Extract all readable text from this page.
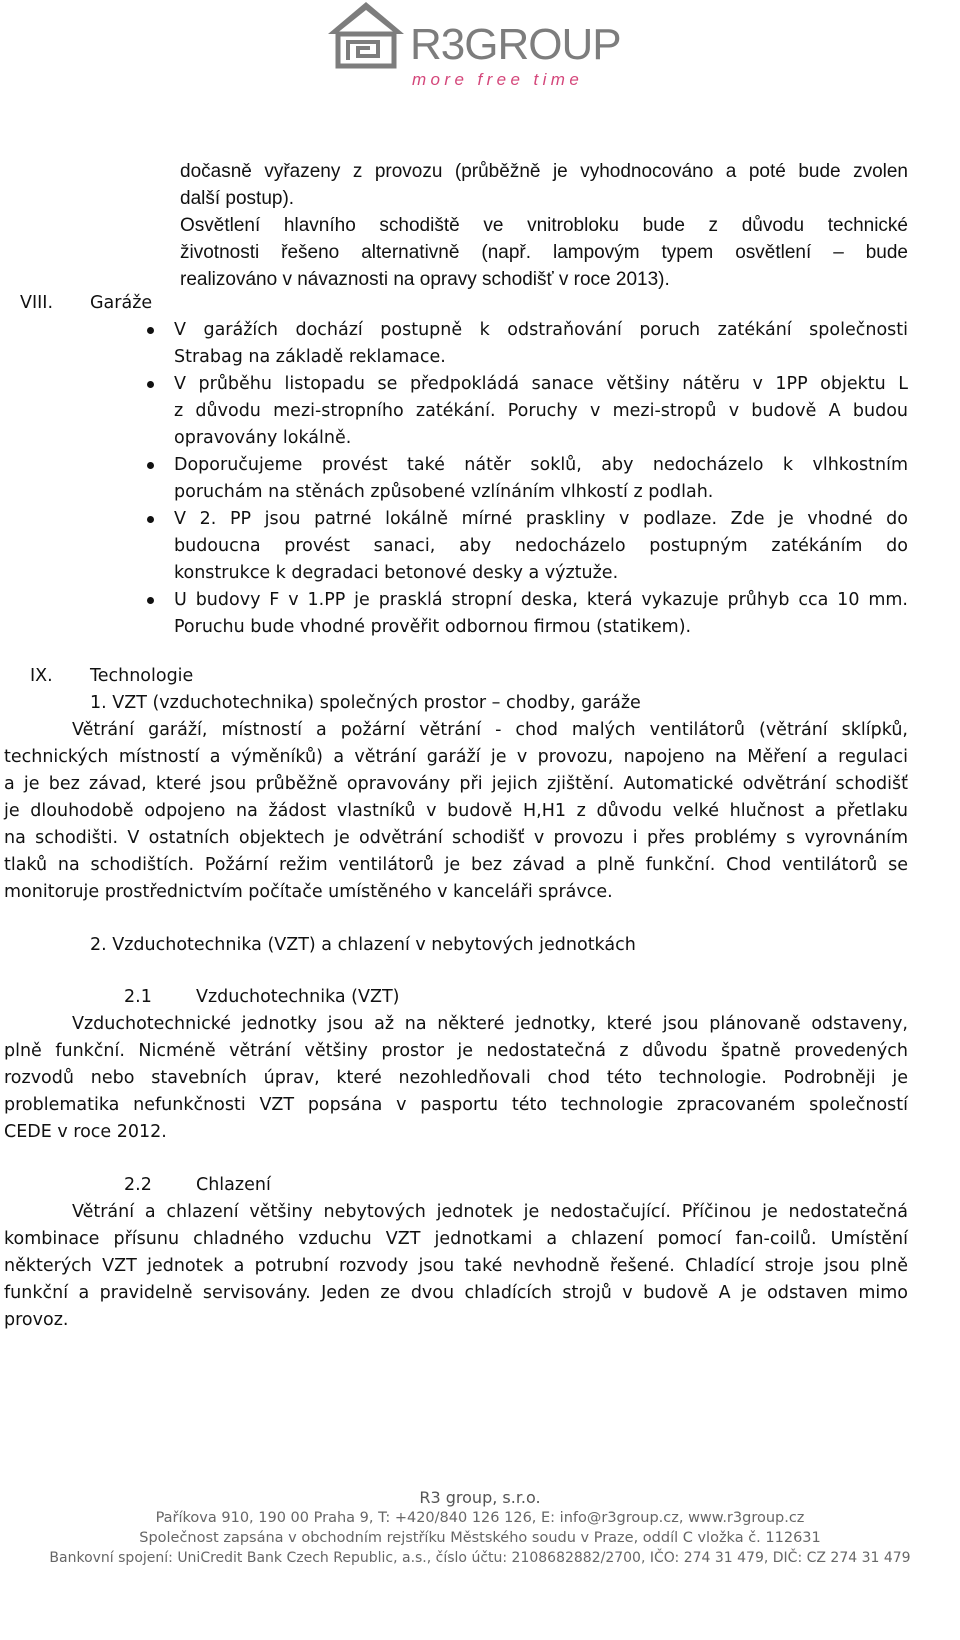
R3GROUP
more free time
dočasně vyřazeny z provozu (průběžně je vyhodnocováno a poté bude zvolen
další postup).
Osvětlení hlavního schodiště ve vnitrobloku bude z důvodu technické
životnosti řešeno alternativně (např. lampovým typem osvětlení – bude
realizováno v návaznosti na opravy schodišť v roce 2013).
VIII. Garáže
V garážích dochází postupně k odstraňování poruch zatékání společnosti
Strabag na základě reklamace.
V průběhu listopadu se předpokládá sanace většiny nátěru v 1PP objektu L
z důvodu mezi-stropního zatékání. Poruchy v mezi-stropů v budově A budou
opravovány lokálně.
Doporučujeme provést také nátěr soklů, aby nedocházelo k vlhkostním
poruchám na stěnách způsobené vzlínáním vlhkostí z podlah.
V 2. PP jsou patrné lokálně mírné praskliny v podlaze. Zde je vhodné do
budoucna provést sanaci, aby nedocházelo postupným zatékáním do
konstrukce k degradaci betonové desky a výztuže.
U budovy F v 1.PP je prasklá stropní deska, která vykazuje průhyb cca 10 mm.
Poruchu bude vhodné prověřit odbornou firmou (statikem).
IX. Technologie
1. VZT (vzduchotechnika) společných prostor – chodby, garáže
Větrání garáží, místností a požární větrání - chod malých ventilátorů (větrání sklípků,
technických místností a výměníků) a větrání garáží je v provozu, napojeno na Měření a regulaci
a je bez závad, které jsou průběžně opravovány při jejich zjištění. Automatické odvětrání schodišť
je dlouhodobě odpojeno na žádost vlastníků v budově H,H1 z důvodu velké hlučnost a přetlaku
na schodišti. V ostatních objektech je odvětrání schodišť v provozu i přes problémy s vyrovnáním
tlaků na schodištích. Požární režim ventilátorů je bez závad a plně funkční. Chod ventilátorů se
monitoruje prostřednictvím počítače umístěného v kanceláři správce.
2. Vzduchotechnika (VZT) a chlazení v nebytových jednotkách
2.1	Vzduchotechnika (VZT)
Vzduchotechnické jednotky jsou až na některé jednotky, které jsou plánovaně odstaveny,
plně funkční. Nicméně větrání většiny prostor je nedostatečná z důvodu špatně provedených
rozvodů nebo stavebních úprav, které nezohledňovali chod této technologie. Podrobněji je
problematika nefunkčnosti VZT popsána v pasportu této technologie zpracovaném společností
CEDE v roce 2012.
2.2	Chlazení
Větrání a chlazení většiny nebytových jednotek je nedostačující. Příčinou je nedostatečná
kombinace přísunu chladného vzduchu VZT jednotkami a chlazení pomocí fan-coilů. Umístění
některých VZT jednotek a potrubní rozvody jsou také nevhodně řešené. Chladící stroje jsou plně
funkční a pravidelně servisovány. Jeden ze dvou chladících strojů v budově A je odstaven mimo
provoz.
R3 group, s.r.o.
Paříkova 910, 190 00 Praha 9, T: +420/840 126 126, E: info@r3group.cz, www.r3group.cz
Společnost zapsána v obchodním rejstříku Městského soudu v Praze, oddíl C vložka č. 112631
Bankovní spojení: UniCredit Bank Czech Republic, a.s., číslo účtu: 2108682882/2700, IČO: 274 31 479, DIČ: CZ 274 31 479
